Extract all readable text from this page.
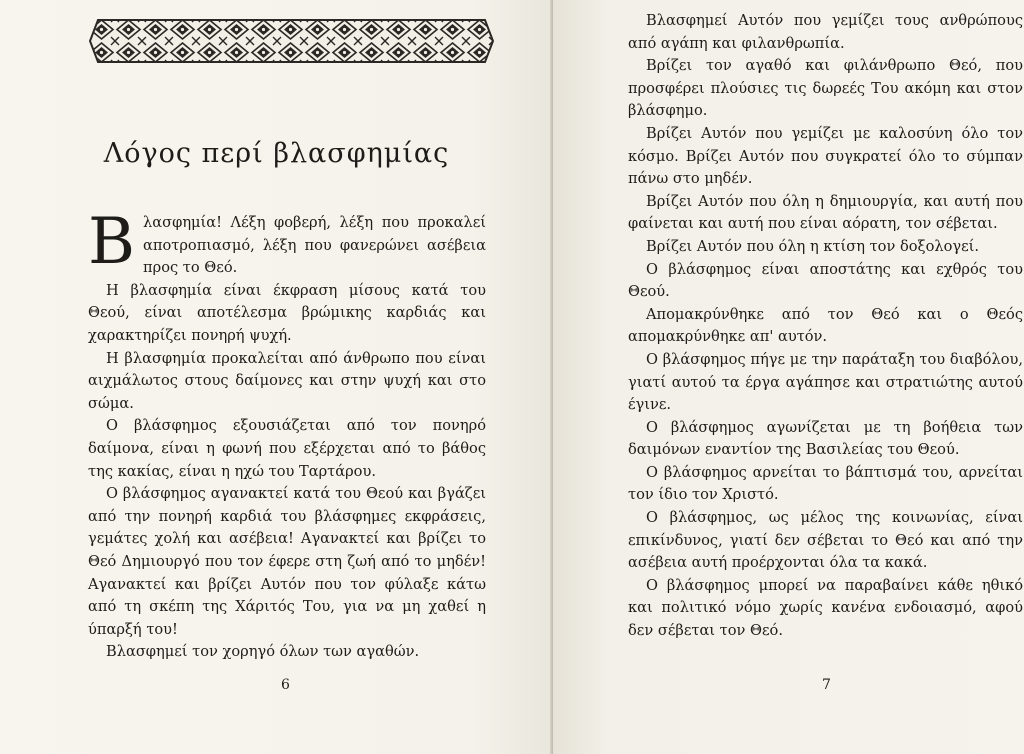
Λόγος περί βλασφημίας

Βλασφημία! Λέξη φοβερή, λέξη που προκαλεί αποτροπιασμό, λέξη που φανερώνει ασέβεια προς το Θεό.

Η βλασφημία είναι έκφραση μίσους κατά του Θεού, είναι αποτέλεσμα βρώμικης καρδιάς και χαρακτηρίζει πονηρή ψυχή.

Η βλασφημία προκαλείται από άνθρωπο που είναι αιχμάλωτος στους δαίμονες και στην ψυχή και στο σώμα.

Ο βλάσφημος εξουσιάζεται από τον πονηρό δαίμονα, είναι η φωνή που εξέρχεται από το βάθος της κακίας, είναι η ηχώ του Ταρτάρου.

Ο βλάσφημος αγανακτεί κατά του Θεού και βγάζει από την πονηρή καρδιά του βλάσφημες εκφράσεις, γεμάτες χολή και ασέβεια! Αγανακτεί και βρίζει το Θεό Δημιουργό που τον έφερε στη ζωή από το μηδέν! Αγανακτεί και βρίζει Αυτόν που τον φύλαξε κάτω από τη σκέπη της Χάριτός Του, για να μη χαθεί η ύπαρξή του!

Βλασφημεί τον χορηγό όλων των αγαθών.

6

Βλασφημεί Αυτόν που γεμίζει τους ανθρώπους από αγάπη και φιλανθρωπία.

Βρίζει τον αγαθό και φιλάνθρωπο Θεό, που προσφέρει πλούσιες τις δωρεές Του ακόμη και στον βλάσφημο.

Βρίζει Αυτόν που γεμίζει με καλοσύνη όλο τον κόσμο. Βρίζει Αυτόν που συγκρατεί όλο το σύμπαν πάνω στο μηδέν.

Βρίζει Αυτόν που όλη η δημιουργία, και αυτή που φαίνεται και αυτή που είναι αόρατη, τον σέβεται.

Βρίζει Αυτόν που όλη η κτίση τον δοξολογεί.

Ο βλάσφημος είναι αποστάτης και εχθρός του Θεού.

Απομακρύνθηκε από τον Θεό και ο Θεός απομακρύνθηκε απ' αυτόν.

Ο βλάσφημος πήγε με την παράταξη του διαβόλου, γιατί αυτού τα έργα αγάπησε και στρατιώτης αυτού έγινε.

Ο βλάσφημος αγωνίζεται με τη βοήθεια των δαιμόνων εναντίον της Βασιλείας του Θεού.

Ο βλάσφημος αρνείται το βάπτισμά του, αρνείται τον ίδιο τον Χριστό.

Ο βλάσφημος, ως μέλος της κοινωνίας, είναι επικίνδυνος, γιατί δεν σέβεται το Θεό και από την ασέβεια αυτή προέρχονται όλα τα κακά.

Ο βλάσφημος μπορεί να παραβαίνει κάθε ηθικό και πολιτικό νόμο χωρίς κανένα ενδοιασμό, αφού δεν σέβεται τον Θεό.

7
